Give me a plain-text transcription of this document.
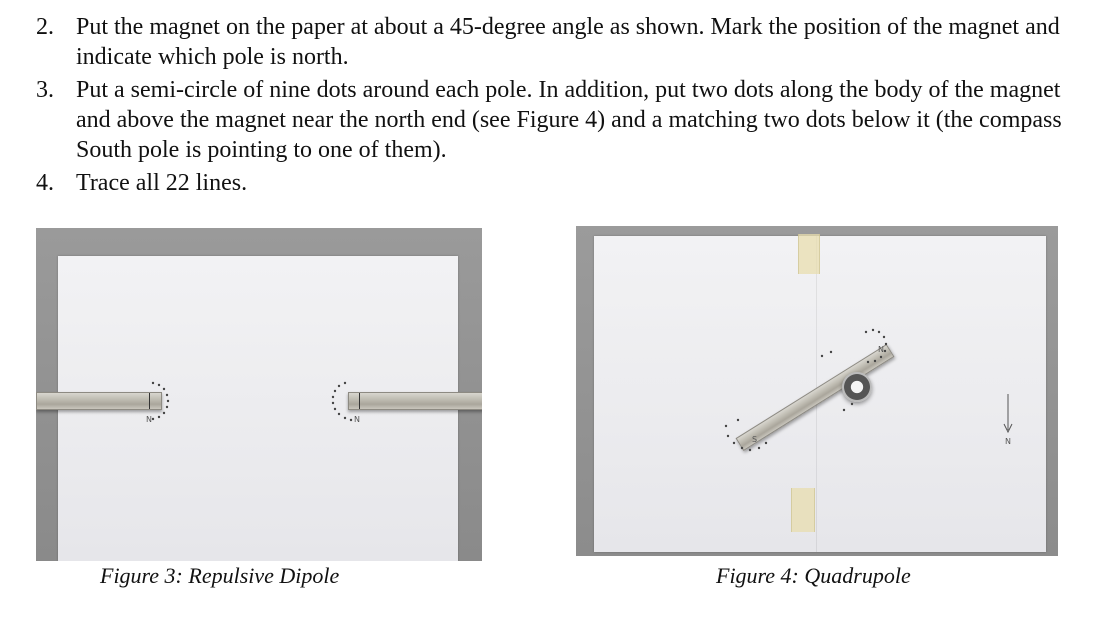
2. Put the magnet on the paper at about a 45-degree angle as shown. Mark the position of the magnet and indicate which pole is north.
3. Put a semi-circle of nine dots around each pole. In addition, put two dots along the body of the magnet and above the magnet near the north end (see Figure 4) and a matching two dots below it (the compass South pole is pointing to one of them).
4. Trace all 22 lines.
N	N

Figure 3: Repulsive Dipole

N
S	N

Figure 4: Quadrupole
